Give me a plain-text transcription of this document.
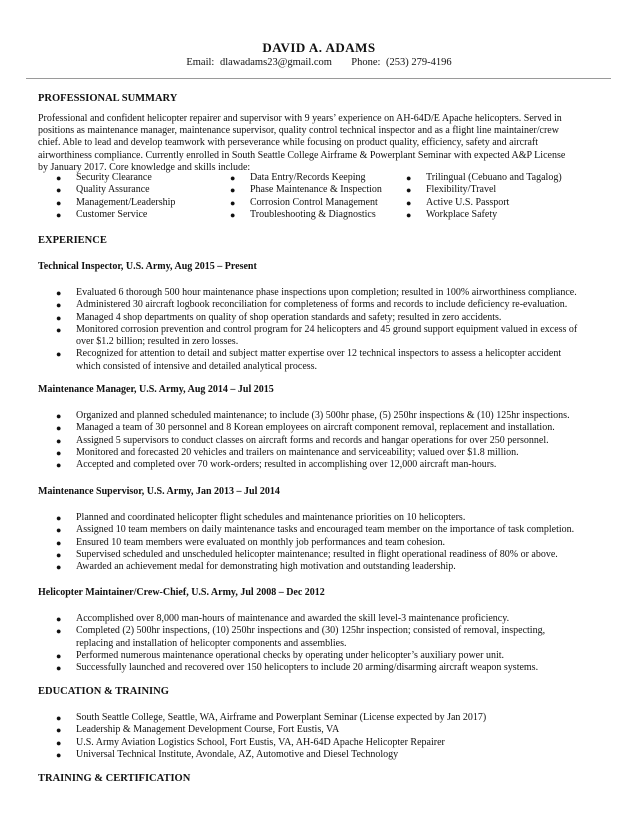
DAVID A. ADAMS
Email: dlawadams23@gmail.com Phone: (253) 279-4196
PROFESSIONAL SUMMARY
Professional and confident helicopter repairer and supervisor with 9 years’ experience on AH-64D/E Apache helicopters. Served in
positions as maintenance manager, maintenance supervisor, quality control technical inspector and as a flight line maintainer/crew
chief. Able to lead and develop teamwork with perseverance while focusing on product quality, efficiency, safety and aircraft
airworthiness compliance. Currently enrolled in South Seattle College Airframe & Powerplant Seminar with expected A&P License
by January 2017. Core knowledge and skills include:
● Security Clearance
● Quality Assurance
● Management/Leadership
● Customer Service
● Data Entry/Records Keeping
● Phase Maintenance & Inspection
● Corrosion Control Management
● Troubleshooting & Diagnostics
● Trilingual (Cebuano and Tagalog)
● Flexibility/Travel
● Active U.S. Passport
● Workplace Safety
EXPERIENCE
Technical Inspector, U.S. Army, Aug 2015 – Present
● Evaluated 6 thorough 500 hour maintenance phase inspections upon completion; resulted in 100% airworthiness compliance.
● Administered 30 aircraft logbook reconciliation for completeness of forms and records to include deficiency re-evaluation.
● Managed 4 shop departments on quality of shop operation standards and safety; resulted in zero accidents.
● Monitored corrosion prevention and control program for 24 helicopters and 45 ground support equipment valued in excess of
over $1.2 billion; resulted in zero losses.
● Recognized for attention to detail and subject matter expertise over 12 technical inspectors to assess a helicopter accident
which consisted of intensive and detailed analytical process.
Maintenance Manager, U.S. Army, Aug 2014 – Jul 2015
● Organized and planned scheduled maintenance; to include (3) 500hr phase, (5) 250hr inspections & (10) 125hr inspections.
● Managed a team of 30 personnel and 8 Korean employees on aircraft component removal, replacement and installation.
● Assigned 5 supervisors to conduct classes on aircraft forms and records and hangar operations for over 250 personnel.
● Monitored and forecasted 20 vehicles and trailers on maintenance and serviceability; valued over $1.8 million.
● Accepted and completed over 70 work-orders; resulted in accomplishing over 12,000 aircraft man-hours.
Maintenance Supervisor, U.S. Army, Jan 2013 – Jul 2014
● Planned and coordinated helicopter flight schedules and maintenance priorities on 10 helicopters.
● Assigned 10 team members on daily maintenance tasks and encouraged team member on the importance of task completion.
● Ensured 10 team members were evaluated on monthly job performances and team cohesion.
● Supervised scheduled and unscheduled helicopter maintenance; resulted in flight operational readiness of 80% or above.
● Awarded an achievement medal for demonstrating high motivation and outstanding leadership.
Helicopter Maintainer/Crew-Chief, U.S. Army, Jul 2008 – Dec 2012
● Accomplished over 8,000 man-hours of maintenance and awarded the skill level-3 maintenance proficiency.
● Completed (2) 500hr inspections, (10) 250hr inspections and (30) 125hr inspection; consisted of removal, inspecting,
replacing and installation of helicopter components and assemblies.
● Performed numerous maintenance operational checks by operating under helicopter’s auxiliary power unit.
● Successfully launched and recovered over 150 helicopters to include 20 arming/disarming aircraft weapon systems.
EDUCATION & TRAINING
● South Seattle College, Seattle, WA, Airframe and Powerplant Seminar (License expected by Jan 2017)
● Leadership & Management Development Course, Fort Eustis, VA
● U.S. Army Aviation Logistics School, Fort Eustis, VA, AH-64D Apache Helicopter Repairer
● Universal Technical Institute, Avondale, AZ, Automotive and Diesel Technology
TRAINING & CERTIFICATION
